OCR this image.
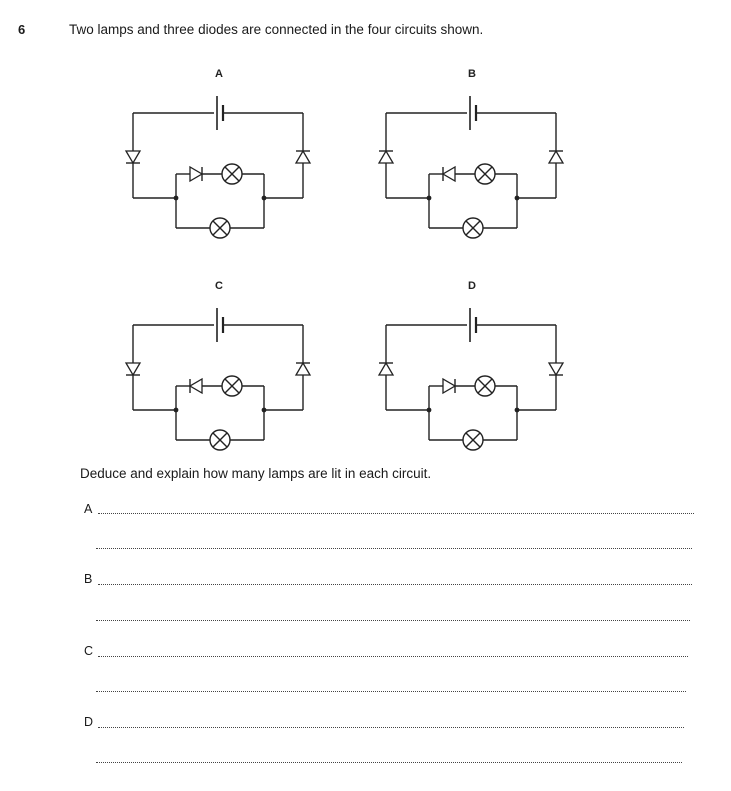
6	Two lamps and three diodes are connected in the four circuits shown.
A	B
C	D
Deduce and explain how many lamps are lit in each circuit.
A
B
C
D
